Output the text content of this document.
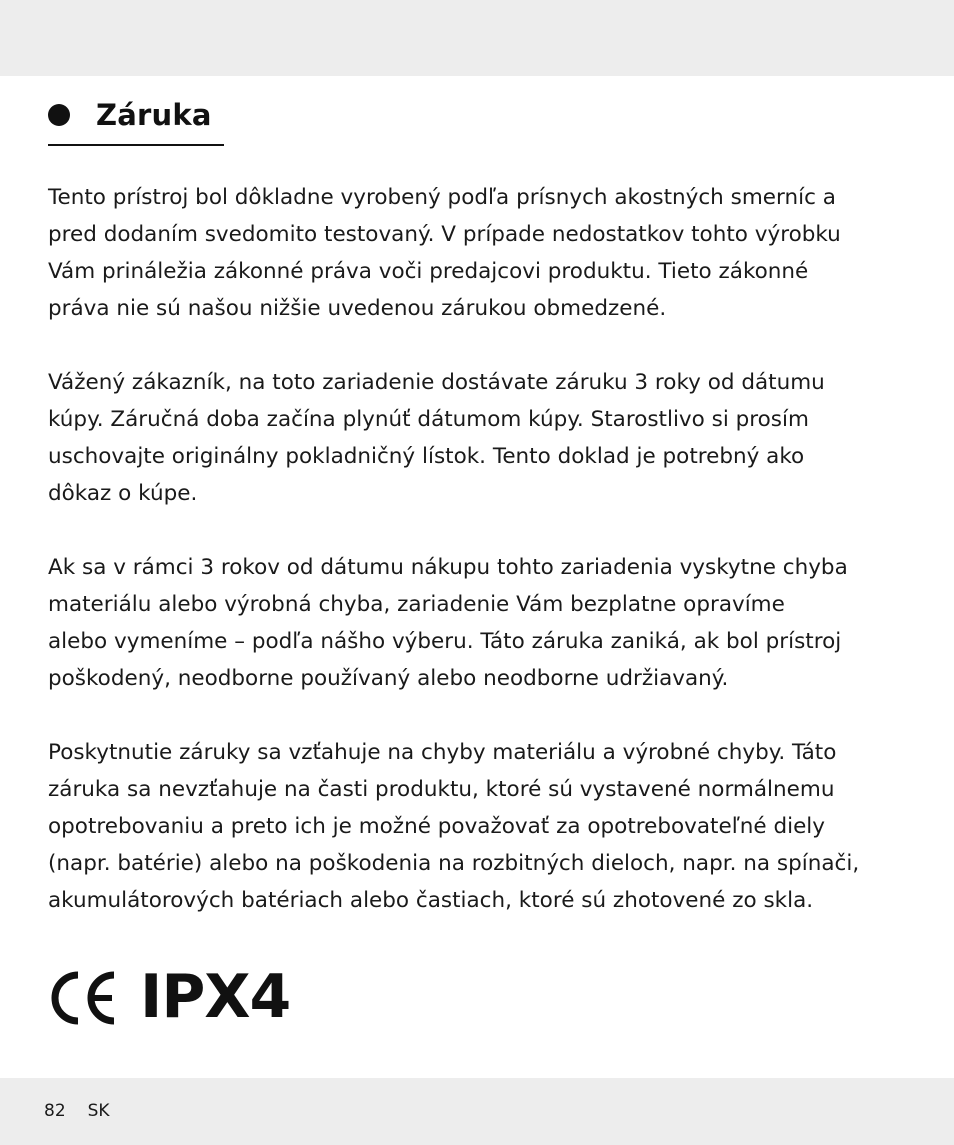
Záruka

Tento prístroj bol dôkladne vyrobený podľa prísnych akostných smerníc a
pred dodaním svedomito testovaný. V prípade nedostatkov tohto výrobku
Vám prináležia zákonné práva voči predajcovi produktu. Tieto zákonné
práva nie sú našou nižšie uvedenou zárukou obmedzené.

Vážený zákazník, na toto zariadenie dostávate záruku 3 roky od dátumu
kúpy. Záručná doba začína plynúť dátumom kúpy. Starostlivo si prosím
uschovajte originálny pokladničný lístok. Tento doklad je potrebný ako
dôkaz o kúpe.

Ak sa v rámci 3 rokov od dátumu nákupu tohto zariadenia vyskytne chyba
materiálu alebo výrobná chyba, zariadenie Vám bezplatne opravíme
alebo vymeníme – podľa nášho výberu. Táto záruka zaniká, ak bol prístroj
poškodený, neodborne používaný alebo neodborne udržiavaný.

Poskytnutie záruky sa vzťahuje na chyby materiálu a výrobné chyby. Táto
záruka sa nevzťahuje na časti produktu, ktoré sú vystavené normálnemu
opotrebovaniu a preto ich je možné považovať za opotrebovateľné diely
(napr. batérie) alebo na poškodenia na rozbitných dieloch, napr. na spínači,
akumulátorových batériach alebo častiach, ktoré sú zhotovené zo skla.

IPX4
82 SK
